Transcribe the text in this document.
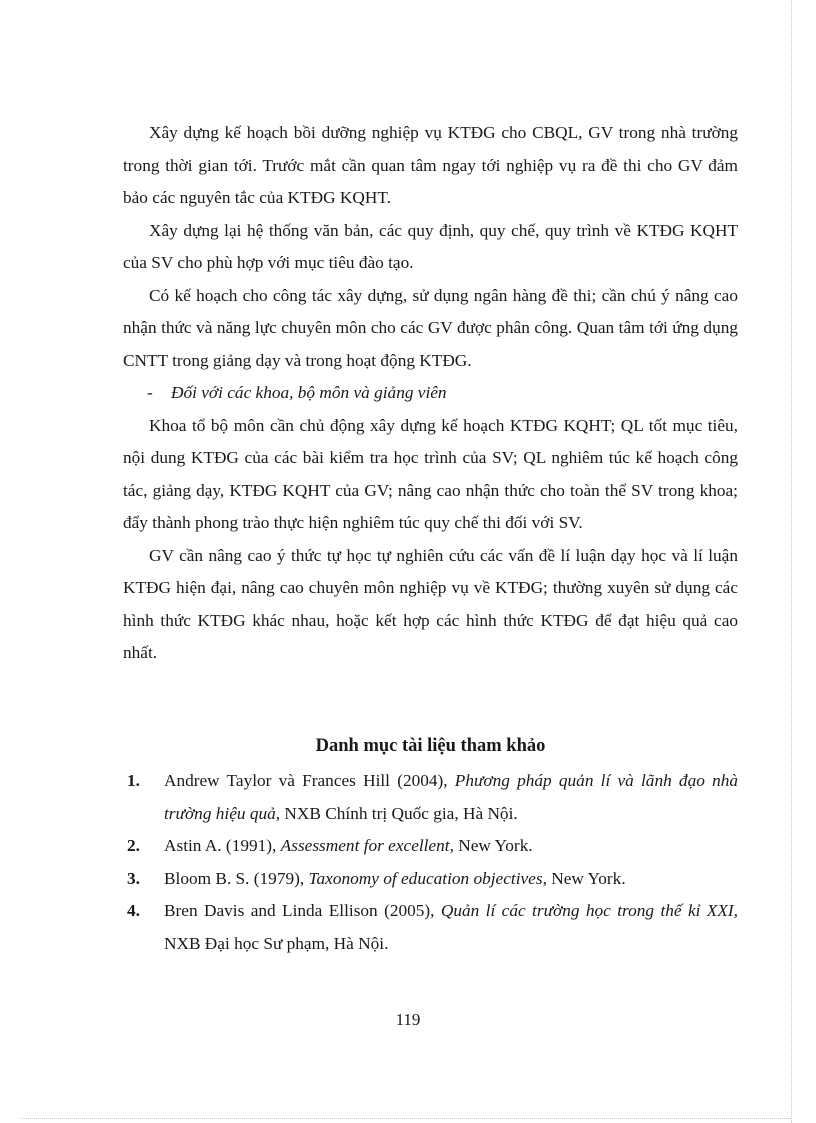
Xây dựng kế hoạch bồi dưỡng nghiệp vụ KTĐG cho CBQL, GV trong nhà trường trong thời gian tới. Trước mắt cần quan tâm ngay tới nghiệp vụ ra đề thi cho GV đảm bảo các nguyên tắc của KTĐG KQHT.

Xây dựng lại hệ thống văn bản, các quy định, quy chế, quy trình về KTĐG KQHT của SV cho phù hợp với mục tiêu đào tạo.

Có kế hoạch cho công tác xây dựng, sử dụng ngân hàng đề thi; cần chú ý nâng cao nhận thức và năng lực chuyên môn cho các GV được phân công. Quan tâm tới ứng dụng CNTT trong giảng dạy và trong hoạt động KTĐG.

- Đối với các khoa, bộ môn và giảng viên

Khoa tổ bộ môn cần chủ động xây dựng kế hoạch KTĐG KQHT; QL tốt mục tiêu, nội dung KTĐG của các bài kiểm tra học trình của SV; QL nghiêm túc kế hoạch công tác, giảng dạy, KTĐG KQHT của GV; nâng cao nhận thức cho toàn thể SV trong khoa; đẩy thành phong trào thực hiện nghiêm túc quy chế thi đối với SV.

GV cần nâng cao ý thức tự học tự nghiên cứu các vấn đề lí luận dạy học và lí luận KTĐG hiện đại, nâng cao chuyên môn nghiệp vụ về KTĐG; thường xuyên sử dụng các hình thức KTĐG khác nhau, hoặc kết hợp các hình thức KTĐG để đạt hiệu quả cao nhất.

Danh mục tài liệu tham khảo
1. Andrew Taylor và Frances Hill (2004), Phương pháp quản lí và lãnh đạo nhà trường hiệu quả, NXB Chính trị Quốc gia, Hà Nội.
2. Astin A. (1991), Assessment for excellent, New York.
3. Bloom B. S. (1979), Taxonomy of education objectives, New York.
4. Bren Davis and Linda Ellison (2005), Quản lí các trường học trong thế kỉ XXI, NXB Đại học Sư phạm, Hà Nội.
119
